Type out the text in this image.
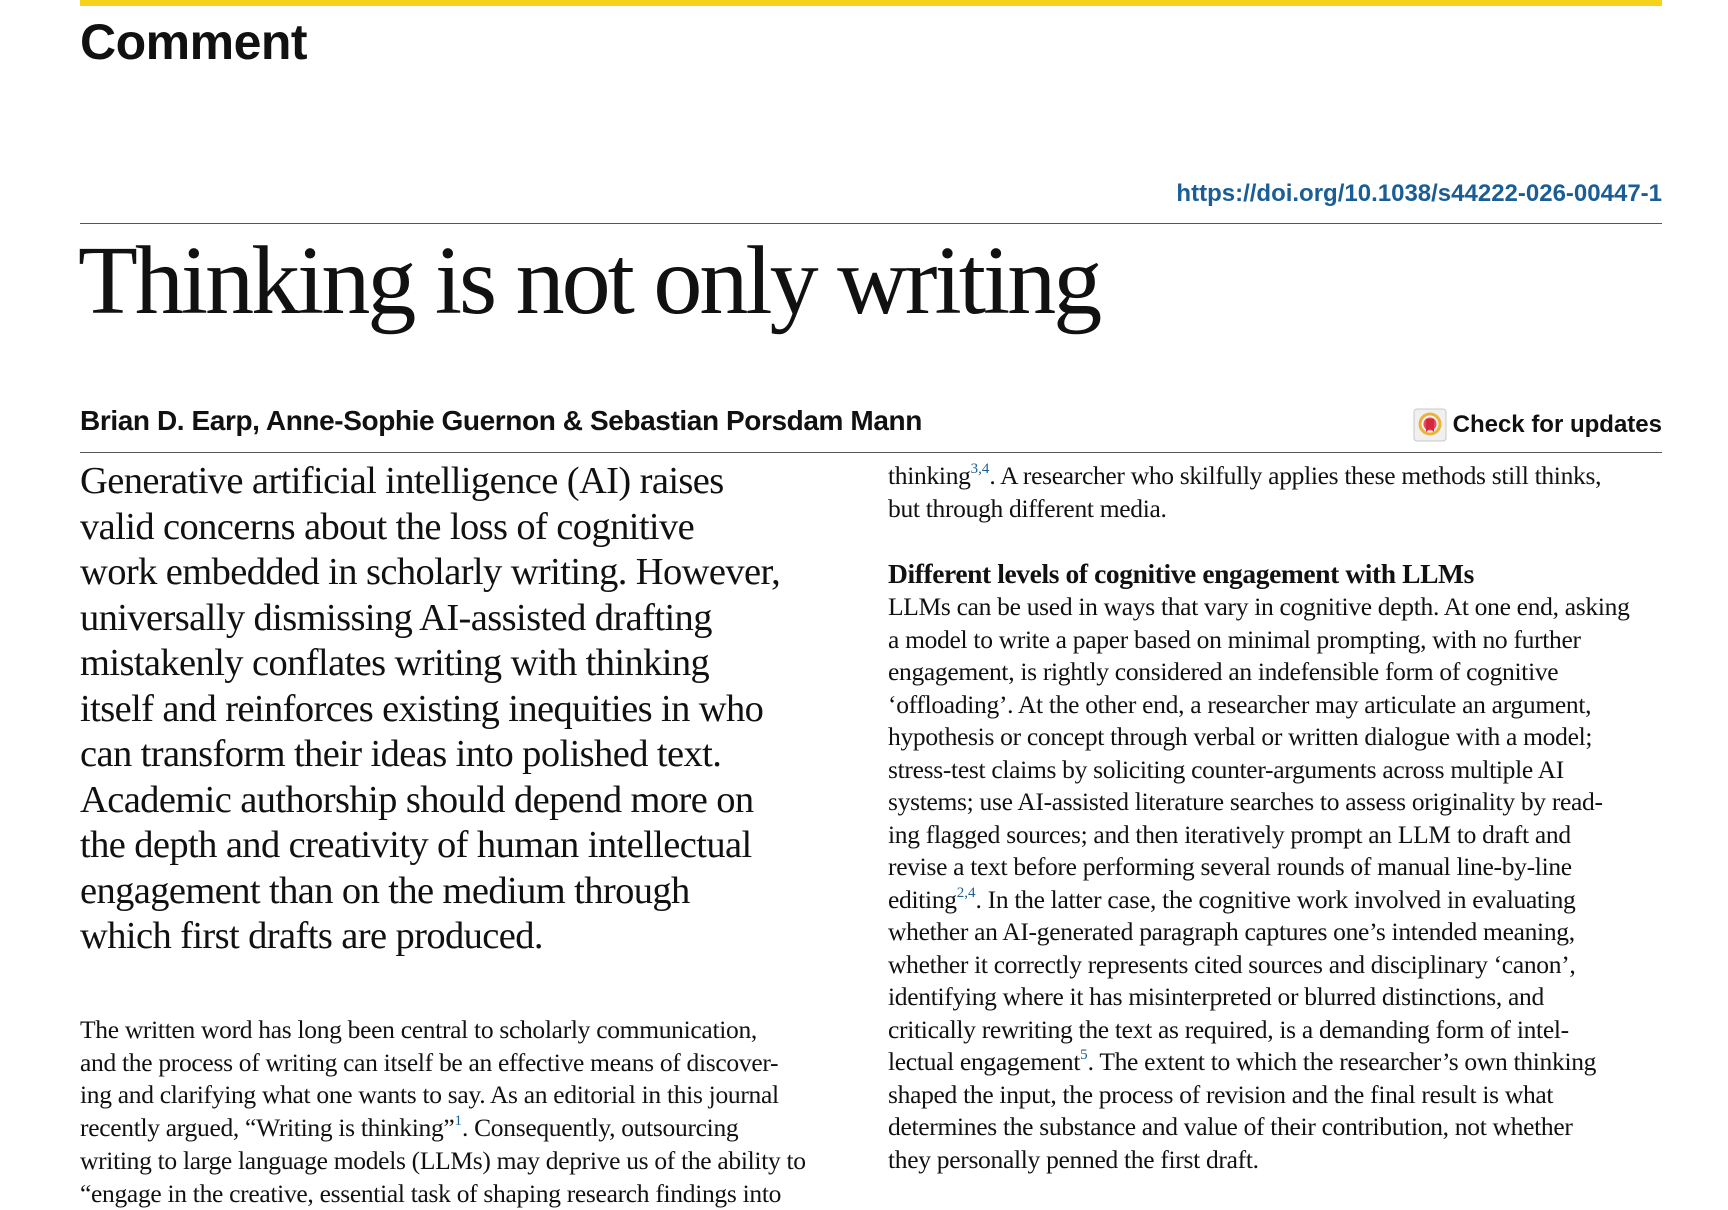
Comment
https://doi.org/10.1038/s44222-026-00447-1
Thinking is not only writing
Brian D. Earp, Anne-Sophie Guernon & Sebastian Porsdam Mann	Check for updates

Generative artificial intelligence (AI) raises

valid concerns about the loss of cognitive

work embedded in scholarly writing. However,

universally dismissing AI-assisted drafting

mistakenly conflates writing with thinking

itself and reinforces existing inequities in who

can transform their ideas into polished text.

Academic authorship should depend more on

the depth and creativity of human intellectual

engagement than on the medium through

which first drafts are produced.

The written word has long been central to scholarly communication,

and the process of writing can itself be an effective means of discover-

ing and clarifying what one wants to say. As an editorial in this journal

recently argued, “Writing is thinking”$^1$. Consequently, outsourcing

writing to large language models (LLMs) may deprive us of the ability to

“engage in the creative, essential task of shaping research findings into

thinking$^{3,4}$. A researcher who skilfully applies these methods still thinks,

but through different media.

Different levels of cognitive engagement with LLMs

LLMs can be used in ways that vary in cognitive depth. At one end, asking

a model to write a paper based on minimal prompting, with no further

engagement, is rightly considered an indefensible form of cognitive

‘offloading’. At the other end, a researcher may articulate an argument,

hypothesis or concept through verbal or written dialogue with a model;

stress-test claims by soliciting counter-arguments across multiple AI

systems; use AI-assisted literature searches to assess originality by read-

ing flagged sources; and then iteratively prompt an LLM to draft and

revise a text before performing several rounds of manual line-by-line

editing$^{2,4}$. In the latter case, the cognitive work involved in evaluating

whether an AI-generated paragraph captures one’s intended meaning,

whether it correctly represents cited sources and disciplinary ‘canon’,

identifying where it has misinterpreted or blurred distinctions, and

critically rewriting the text as required, is a demanding form of intel-

lectual engagement$^5$. The extent to which the researcher’s own thinking

shaped the input, the process of revision and the final result is what

determines the substance and value of their contribution, not whether

they personally penned the first draft.
